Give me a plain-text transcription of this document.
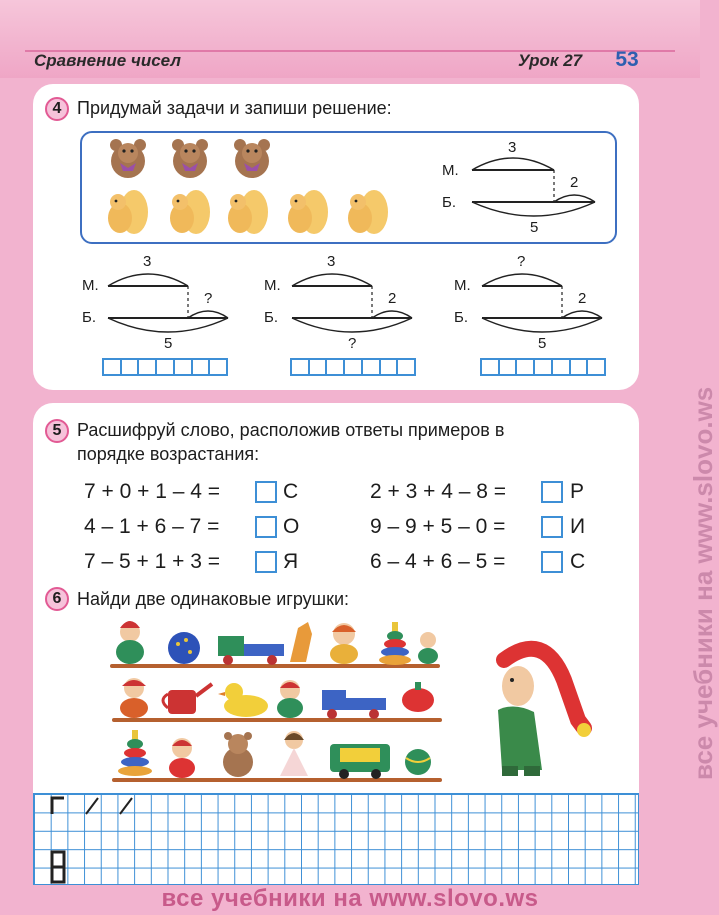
Сравнение чисел	Урок 27	53
4 Придумай задачи и запиши решение:
М.
Б.
3
2
5
М.
Б.
3
?
5
М.
Б.
3
2
?
М.
Б.
?
2
5
5 Расшифруй слово, расположив ответы примеров в
порядке возрастания:
7 + 0 + 1 – 4 =	С	2 + 3 + 4 – 8 =	Р
4 – 1 + 6 – 7 =	О	9 – 9 + 5 – 0 =	И
7 – 5 + 1 + 3 =	Я	6 – 4 + 6 – 5 =	С
6 Найди две одинаковые игрушки:
все учебники на www.slovo.ws
все учебники на www.slovo.ws
